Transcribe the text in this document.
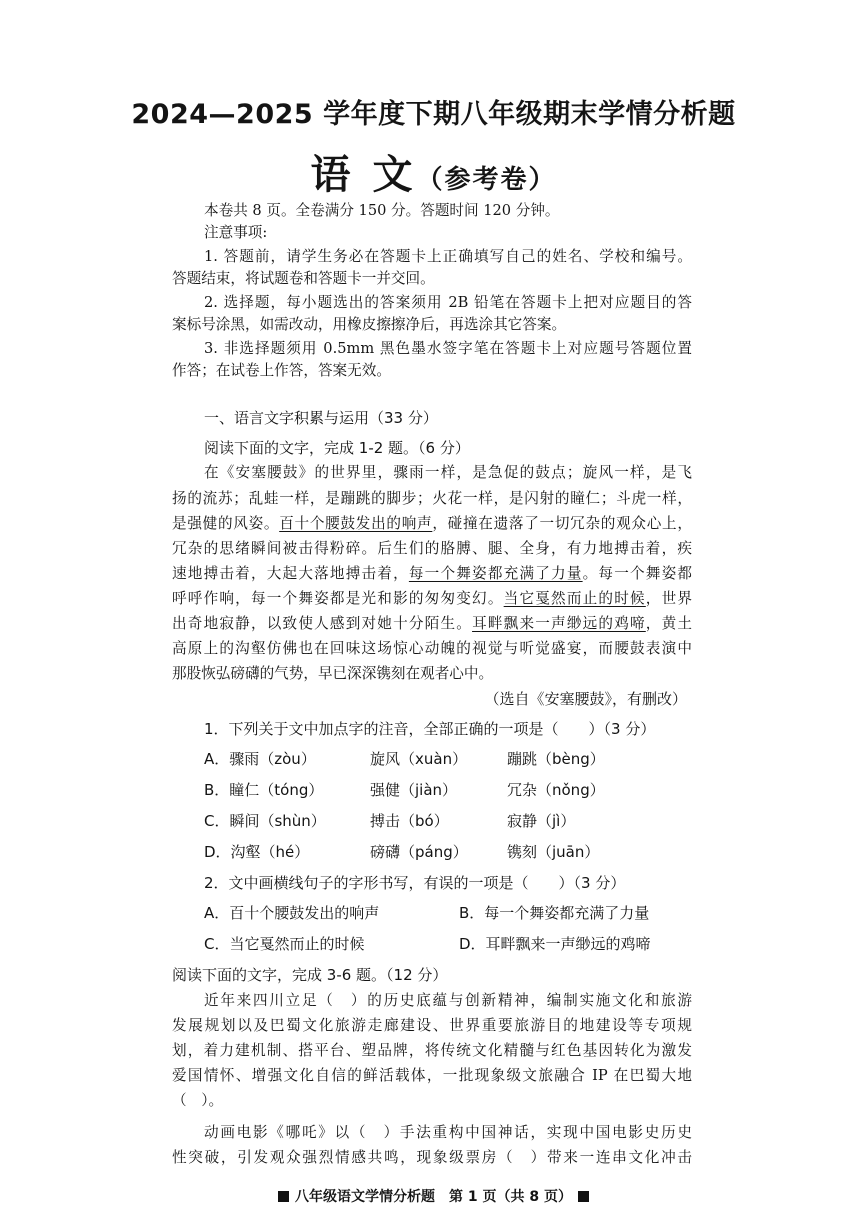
2024—2025 学年度下期八年级期末学情分析题
语 文（参考卷）
本卷共 8 页。全卷满分 150 分。答题时间 120 分钟。
注意事项:
1. 答题前，请学生务必在答题卡上正确填写自己的姓名、学校和编号。
答题结束，将试题卷和答题卡一并交回。
2. 选择题，每小题选出的答案须用 2B 铅笔在答题卡上把对应题目的答
案标号涂黑，如需改动，用橡皮擦擦净后，再选涂其它答案。
3. 非选择题须用 0.5mm 黑色墨水签字笔在答题卡上对应题号答题位置
作答；在试卷上作答，答案无效。
一、语言文字积累与运用（33 分）
阅读下面的文字，完成 1-2 题。（6 分）
在《安塞腰鼓》的世界里，骤雨一样，是急促的鼓点；旋风一样，是飞
扬的流苏；乱蛙一样，是蹦跳的脚步；火花一样，是闪射的瞳仁；斗虎一样，
是强健的风姿。百十个腰鼓发出的响声，碰撞在遗落了一切冗杂的观众心上，
冗杂的思绪瞬间被击得粉碎。后生们的胳膊、腿、全身，有力地搏击着，疾
速地搏击着，大起大落地搏击着，每一个舞姿都充满了力量。每一个舞姿都
呼呼作响，每一个舞姿都是光和影的匆匆变幻。当它戛然而止的时候，世界
出奇地寂静，以致使人感到对她十分陌生。耳畔飘来一声缈远的鸡啼，黄土
高原上的沟壑仿佛也在回味这场惊心动魄的视觉与听觉盛宴，而腰鼓表演中
那股恢弘磅礴的气势，早已深深镌刻在观者心中。
（选自《安塞腰鼓》，有删改）
1．下列关于文中加点字的注音，全部正确的一项是（　　）（3 分）
A．骤雨（zòu）	旋风（xuàn）	蹦跳（bèng）
B．瞳仁（tóng）	强健（jiàn）	冗杂（nǒng）
C．瞬间（shùn）	搏击（bó）	寂静（jì）
D．沟壑（hé）	磅礴（páng）	镌刻（juān）
2．文中画横线句子的字形书写，有误的一项是（　　）（3 分）
A．百十个腰鼓发出的响声	B．每一个舞姿都充满了力量
C．当它戛然而止的时候	D．耳畔飘来一声缈远的鸡啼
阅读下面的文字，完成 3-6 题。（12 分）
近年来四川立足（　）的历史底蕴与创新精神，编制实施文化和旅游
发展规划以及巴蜀文化旅游走廊建设、世界重要旅游目的地建设等专项规
划，着力建机制、搭平台、塑品牌，将传统文化精髓与红色基因转化为激发
爱国情怀、增强文化自信的鲜活载体，一批现象级文旅融合 IP 在巴蜀大地
（　）。
动画电影《哪吒》以（　）手法重构中国神话，实现中国电影史历史
性突破，引发观众强烈情感共鸣，现象级票房（　）带来一连串文化冲击
八年级语文学情分析题　第 1 页（共 8 页）
